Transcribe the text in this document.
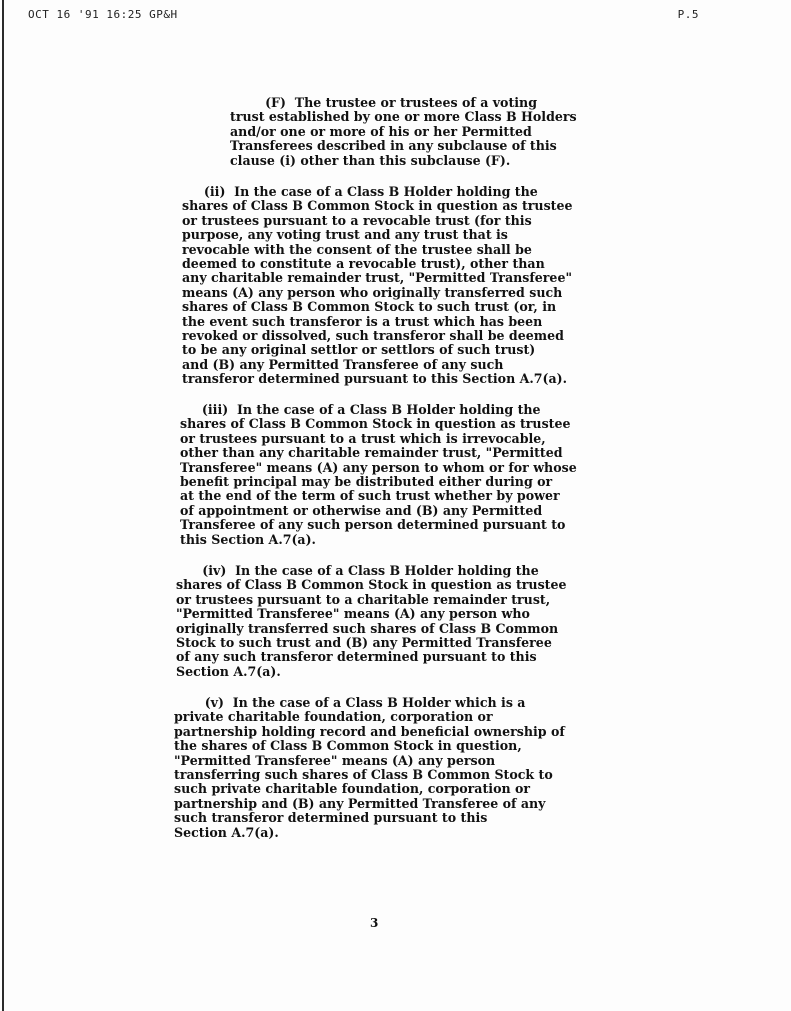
OCT 16 '91 16:25 GP&H	P.5

(F)  The trustee or trustees of a voting
trust established by one or more Class B Holders
and/or one or more of his or her Permitted
Transferees described in any subclause of this
clause (i) other than this subclause (F).

(ii)  In the case of a Class B Holder holding the
shares of Class B Common Stock in question as trustee
or trustees pursuant to a revocable trust (for this
purpose, any voting trust and any trust that is
revocable with the consent of the trustee shall be
deemed to constitute a revocable trust), other than
any charitable remainder trust, "Permitted Transferee"
means (A) any person who originally transferred such
shares of Class B Common Stock to such trust (or, in
the event such transferor is a trust which has been
revoked or dissolved, such transferor shall be deemed
to be any original settlor or settlors of such trust)
and (B) any Permitted Transferee of any such
transferor determined pursuant to this Section A.7(a).

(iii)  In the case of a Class B Holder holding the
shares of Class B Common Stock in question as trustee
or trustees pursuant to a trust which is irrevocable,
other than any charitable remainder trust, "Permitted
Transferee" means (A) any person to whom or for whose
benefit principal may be distributed either during or
at the end of the term of such trust whether by power
of appointment or otherwise and (B) any Permitted
Transferee of any such person determined pursuant to
this Section A.7(a).

(iv)  In the case of a Class B Holder holding the
shares of Class B Common Stock in question as trustee
or trustees pursuant to a charitable remainder trust,
"Permitted Transferee" means (A) any person who
originally transferred such shares of Class B Common
Stock to such trust and (B) any Permitted Transferee
of any such transferor determined pursuant to this
Section A.7(a).

(v)  In the case of a Class B Holder which is a
private charitable foundation, corporation or
partnership holding record and beneficial ownership of
the shares of Class B Common Stock in question,
"Permitted Transferee" means (A) any person
transferring such shares of Class B Common Stock to
such private charitable foundation, corporation or
partnership and (B) any Permitted Transferee of any
such transferor determined pursuant to this
Section A.7(a).

3
